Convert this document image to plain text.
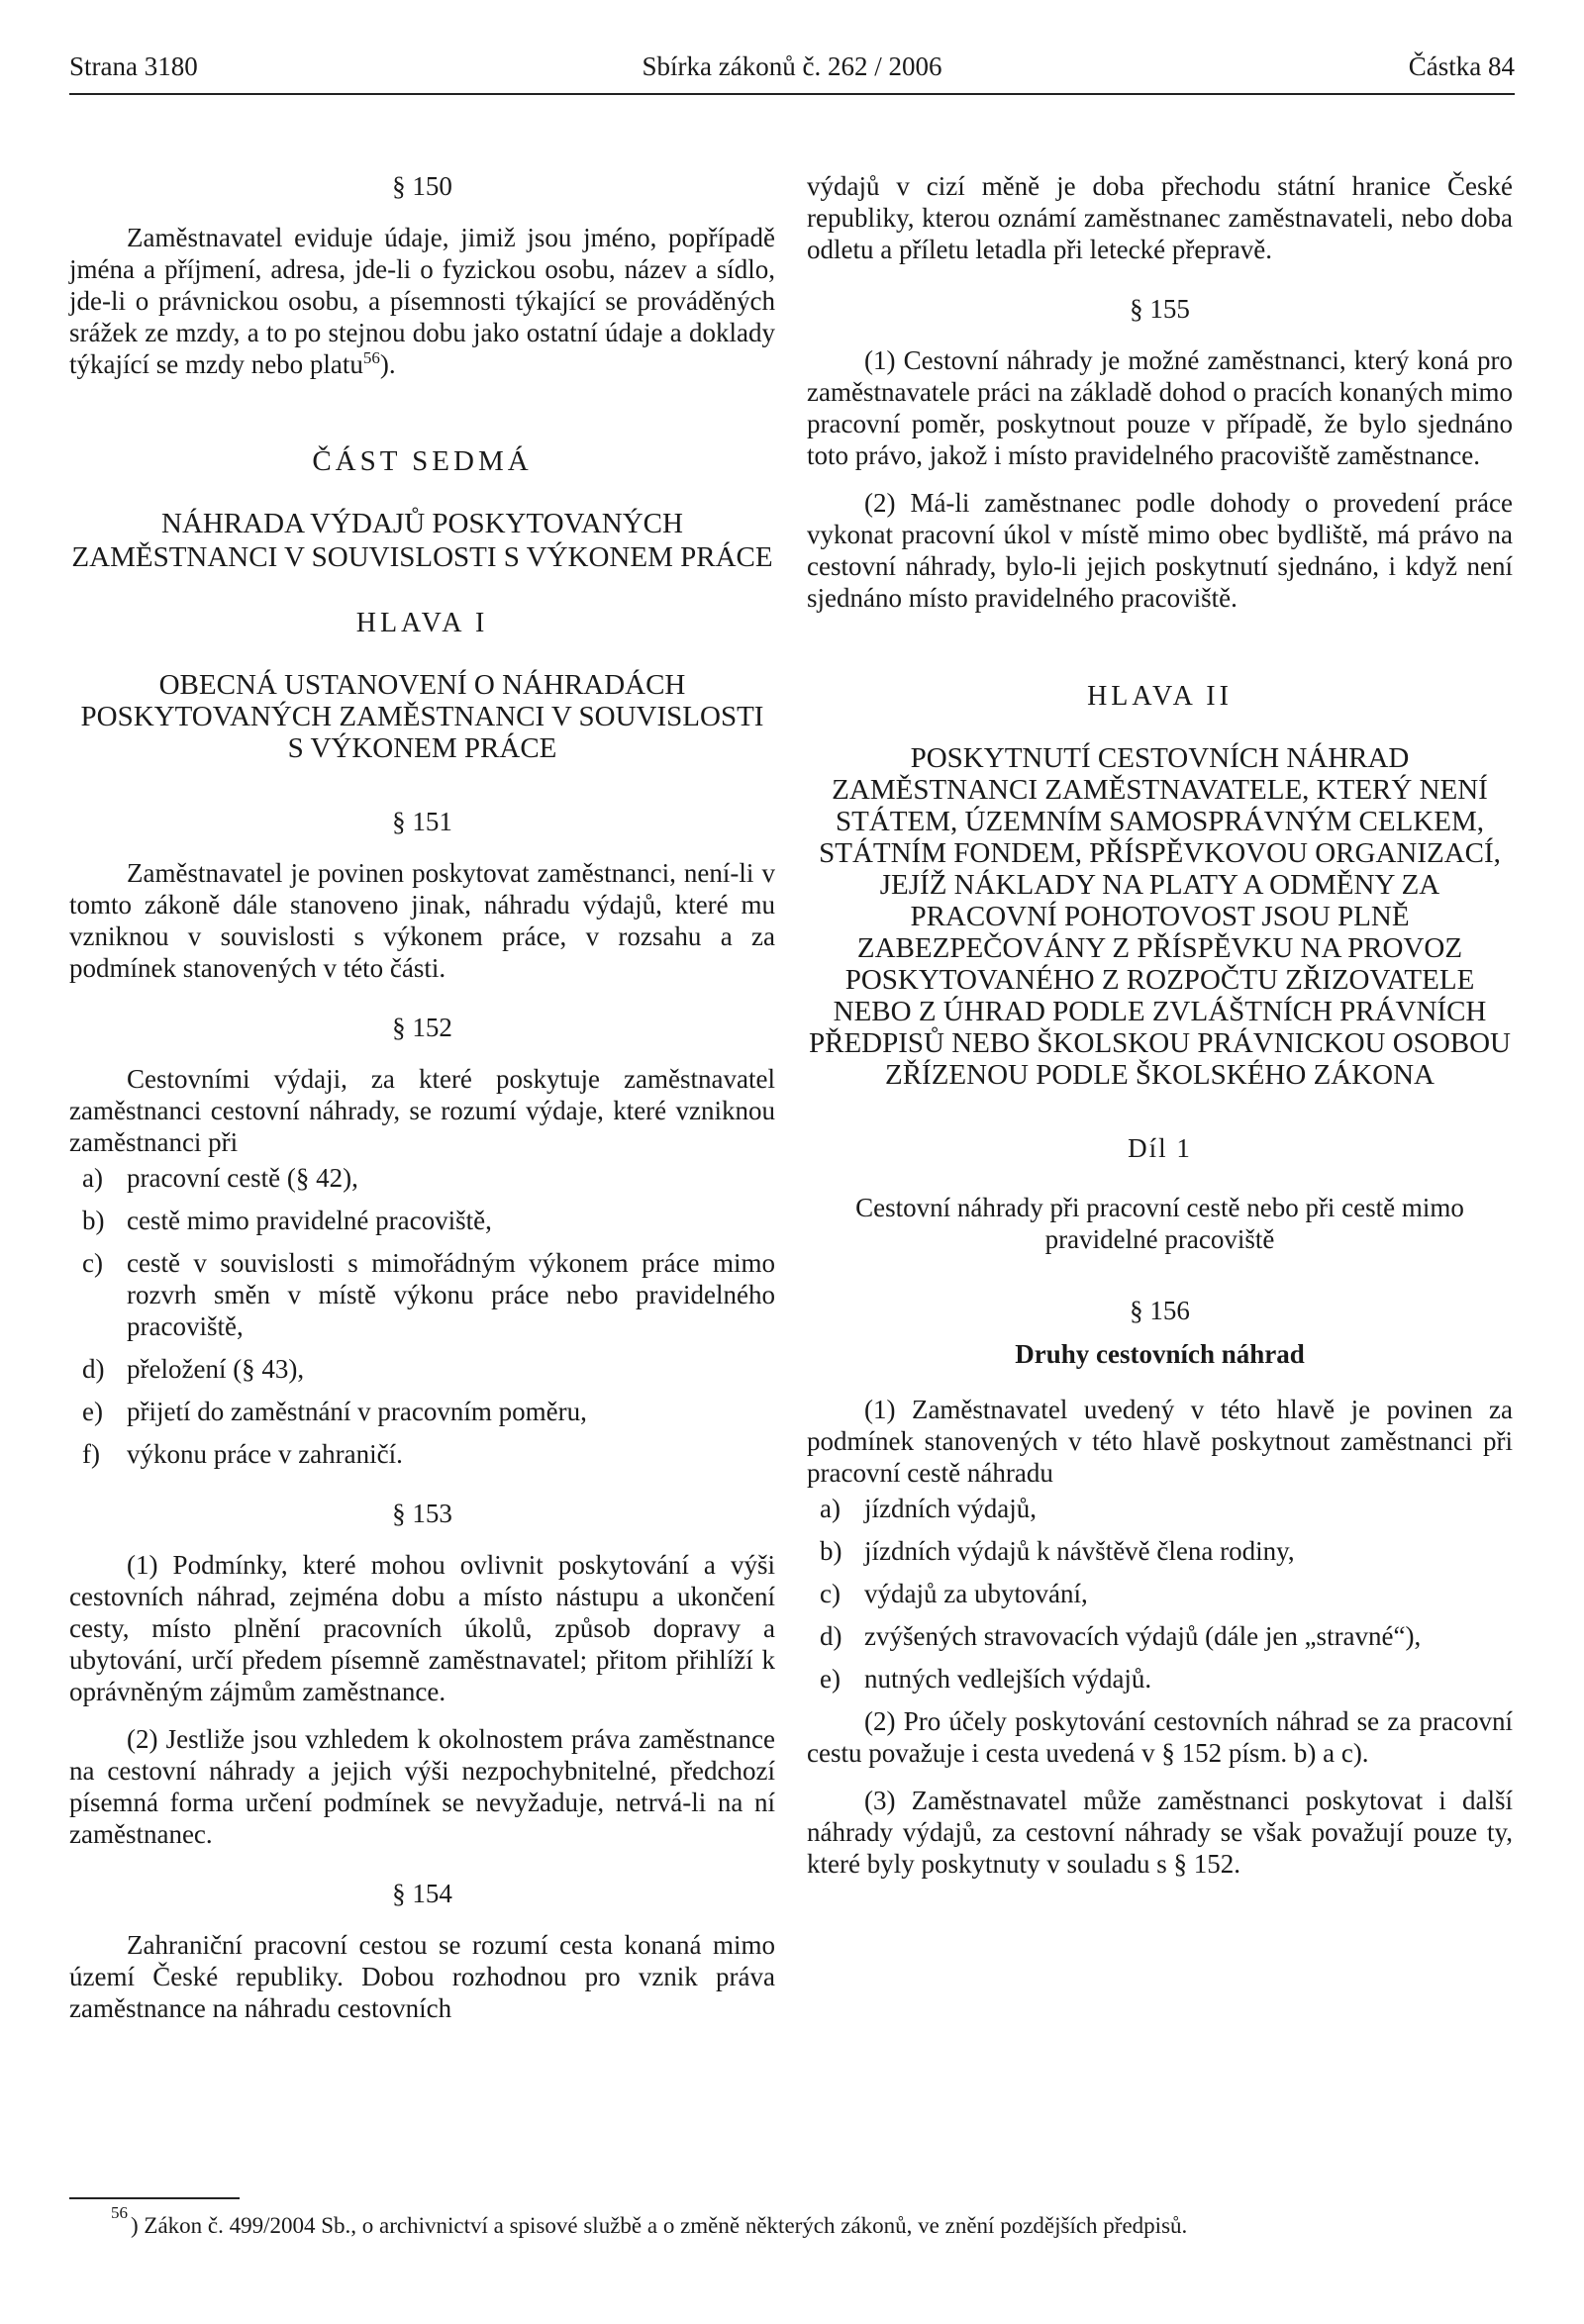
Strana 3180	Sbírka zákonů č. 262 / 2006	Částka 84
§ 150

Zaměstnavatel eviduje údaje, jimiž jsou jméno, popřípadě jména a příjmení, adresa, jde-li o fyzickou osobu, název a sídlo, jde-li o právnickou osobu, a písemnosti týkající se prováděných srážek ze mzdy, a to po stejnou dobu jako ostatní údaje a doklady týkající se mzdy nebo platu$^{56}$).

ČÁST SEDMÁ
NÁHRADA VÝDAJŮ POSKYTOVANÝCH ZAMĚSTNANCI V SOUVISLOSTI S VÝKONEM PRÁCE
HLAVA I
OBECNÁ USTANOVENÍ O NÁHRADÁCH POSKYTOVANÝCH ZAMĚSTNANCI V SOUVISLOSTI S VÝKONEM PRÁCE
§ 151

Zaměstnavatel je povinen poskytovat zaměstnanci, není-li v tomto zákoně dále stanoveno jinak, náhradu výdajů, které mu vzniknou v souvislosti s výkonem práce, v rozsahu a za podmínek stanovených v této části.

§ 152

Cestovními výdaji, za které poskytuje zaměstnavatel zaměstnanci cestovní náhrady, se rozumí výdaje, které vzniknou zaměstnanci při

a) pracovní cestě (§ 42),
b) cestě mimo pravidelné pracoviště,
c) cestě v souvislosti s mimořádným výkonem práce mimo rozvrh směn v místě výkonu práce nebo pravidelného pracoviště,
d) přeložení (§ 43),
e) přijetí do zaměstnání v pracovním poměru,
f) výkonu práce v zahraničí.
§ 153

(1) Podmínky, které mohou ovlivnit poskytování a výši cestovních náhrad, zejména dobu a místo nástupu a ukončení cesty, místo plnění pracovních úkolů, způsob dopravy a ubytování, určí předem písemně zaměstnavatel; přitom přihlíží k oprávněným zájmům zaměstnance.

(2) Jestliže jsou vzhledem k okolnostem práva zaměstnance na cestovní náhrady a jejich výši nezpochybnitelné, předchozí písemná forma určení podmínek se nevyžaduje, netrvá-li na ní zaměstnanec.

§ 154

Zahraniční pracovní cestou se rozumí cesta konaná mimo území České republiky. Dobou rozhodnou pro vznik práva zaměstnance na náhradu cestovních

výdajů v cizí měně je doba přechodu státní hranice České republiky, kterou oznámí zaměstnanec zaměstnavateli, nebo doba odletu a příletu letadla při letecké přepravě.

§ 155

(1) Cestovní náhrady je možné zaměstnanci, který koná pro zaměstnavatele práci na základě dohod o pracích konaných mimo pracovní poměr, poskytnout pouze v případě, že bylo sjednáno toto právo, jakož i místo pravidelného pracoviště zaměstnance.

(2) Má-li zaměstnanec podle dohody o provedení práce vykonat pracovní úkol v místě mimo obec bydliště, má právo na cestovní náhrady, bylo-li jejich poskytnutí sjednáno, i když není sjednáno místo pravidelného pracoviště.

HLAVA II
POSKYTNUTÍ CESTOVNÍCH NÁHRAD ZAMĚSTNANCI ZAMĚSTNAVATELE, KTERÝ NENÍ STÁTEM, ÚZEMNÍM SAMOSPRÁVNÝM CELKEM, STÁTNÍM FONDEM, PŘÍSPĚVKOVOU ORGANIZACÍ, JEJÍŽ NÁKLADY NA PLATY A ODMĚNY ZA PRACOVNÍ POHOTOVOST JSOU PLNĚ ZABEZPEČOVÁNY Z PŘÍSPĚVKU NA PROVOZ POSKYTOVANÉHO Z ROZPOČTU ZŘIZOVATELE NEBO Z ÚHRAD PODLE ZVLÁŠTNÍCH PRÁVNÍCH PŘEDPISŮ NEBO ŠKOLSKOU PRÁVNICKOU OSOBOU ZŘÍZENOU PODLE ŠKOLSKÉHO ZÁKONA
Díl 1
Cestovní náhrady při pracovní cestě nebo při cestě mimo pravidelné pracoviště
§ 156
Druhy cestovních náhrad

(1) Zaměstnavatel uvedený v této hlavě je povinen za podmínek stanovených v této hlavě poskytnout zaměstnanci při pracovní cestě náhradu

a) jízdních výdajů,
b) jízdních výdajů k návštěvě člena rodiny,
c) výdajů za ubytování,
d) zvýšených stravovacích výdajů (dále jen „stravné“),
e) nutných vedlejších výdajů.

(2) Pro účely poskytování cestovních náhrad se za pracovní cestu považuje i cesta uvedená v § 152 písm. b) a c).

(3) Zaměstnavatel může zaměstnanci poskytovat i další náhrady výdajů, za cestovní náhrady se však považují pouze ty, které byly poskytnuty v souladu s § 152.

56
) Zákon č. 499/2004 Sb., o archivnictví a spisové službě a o změně některých zákonů, ve znění pozdějších předpisů.
